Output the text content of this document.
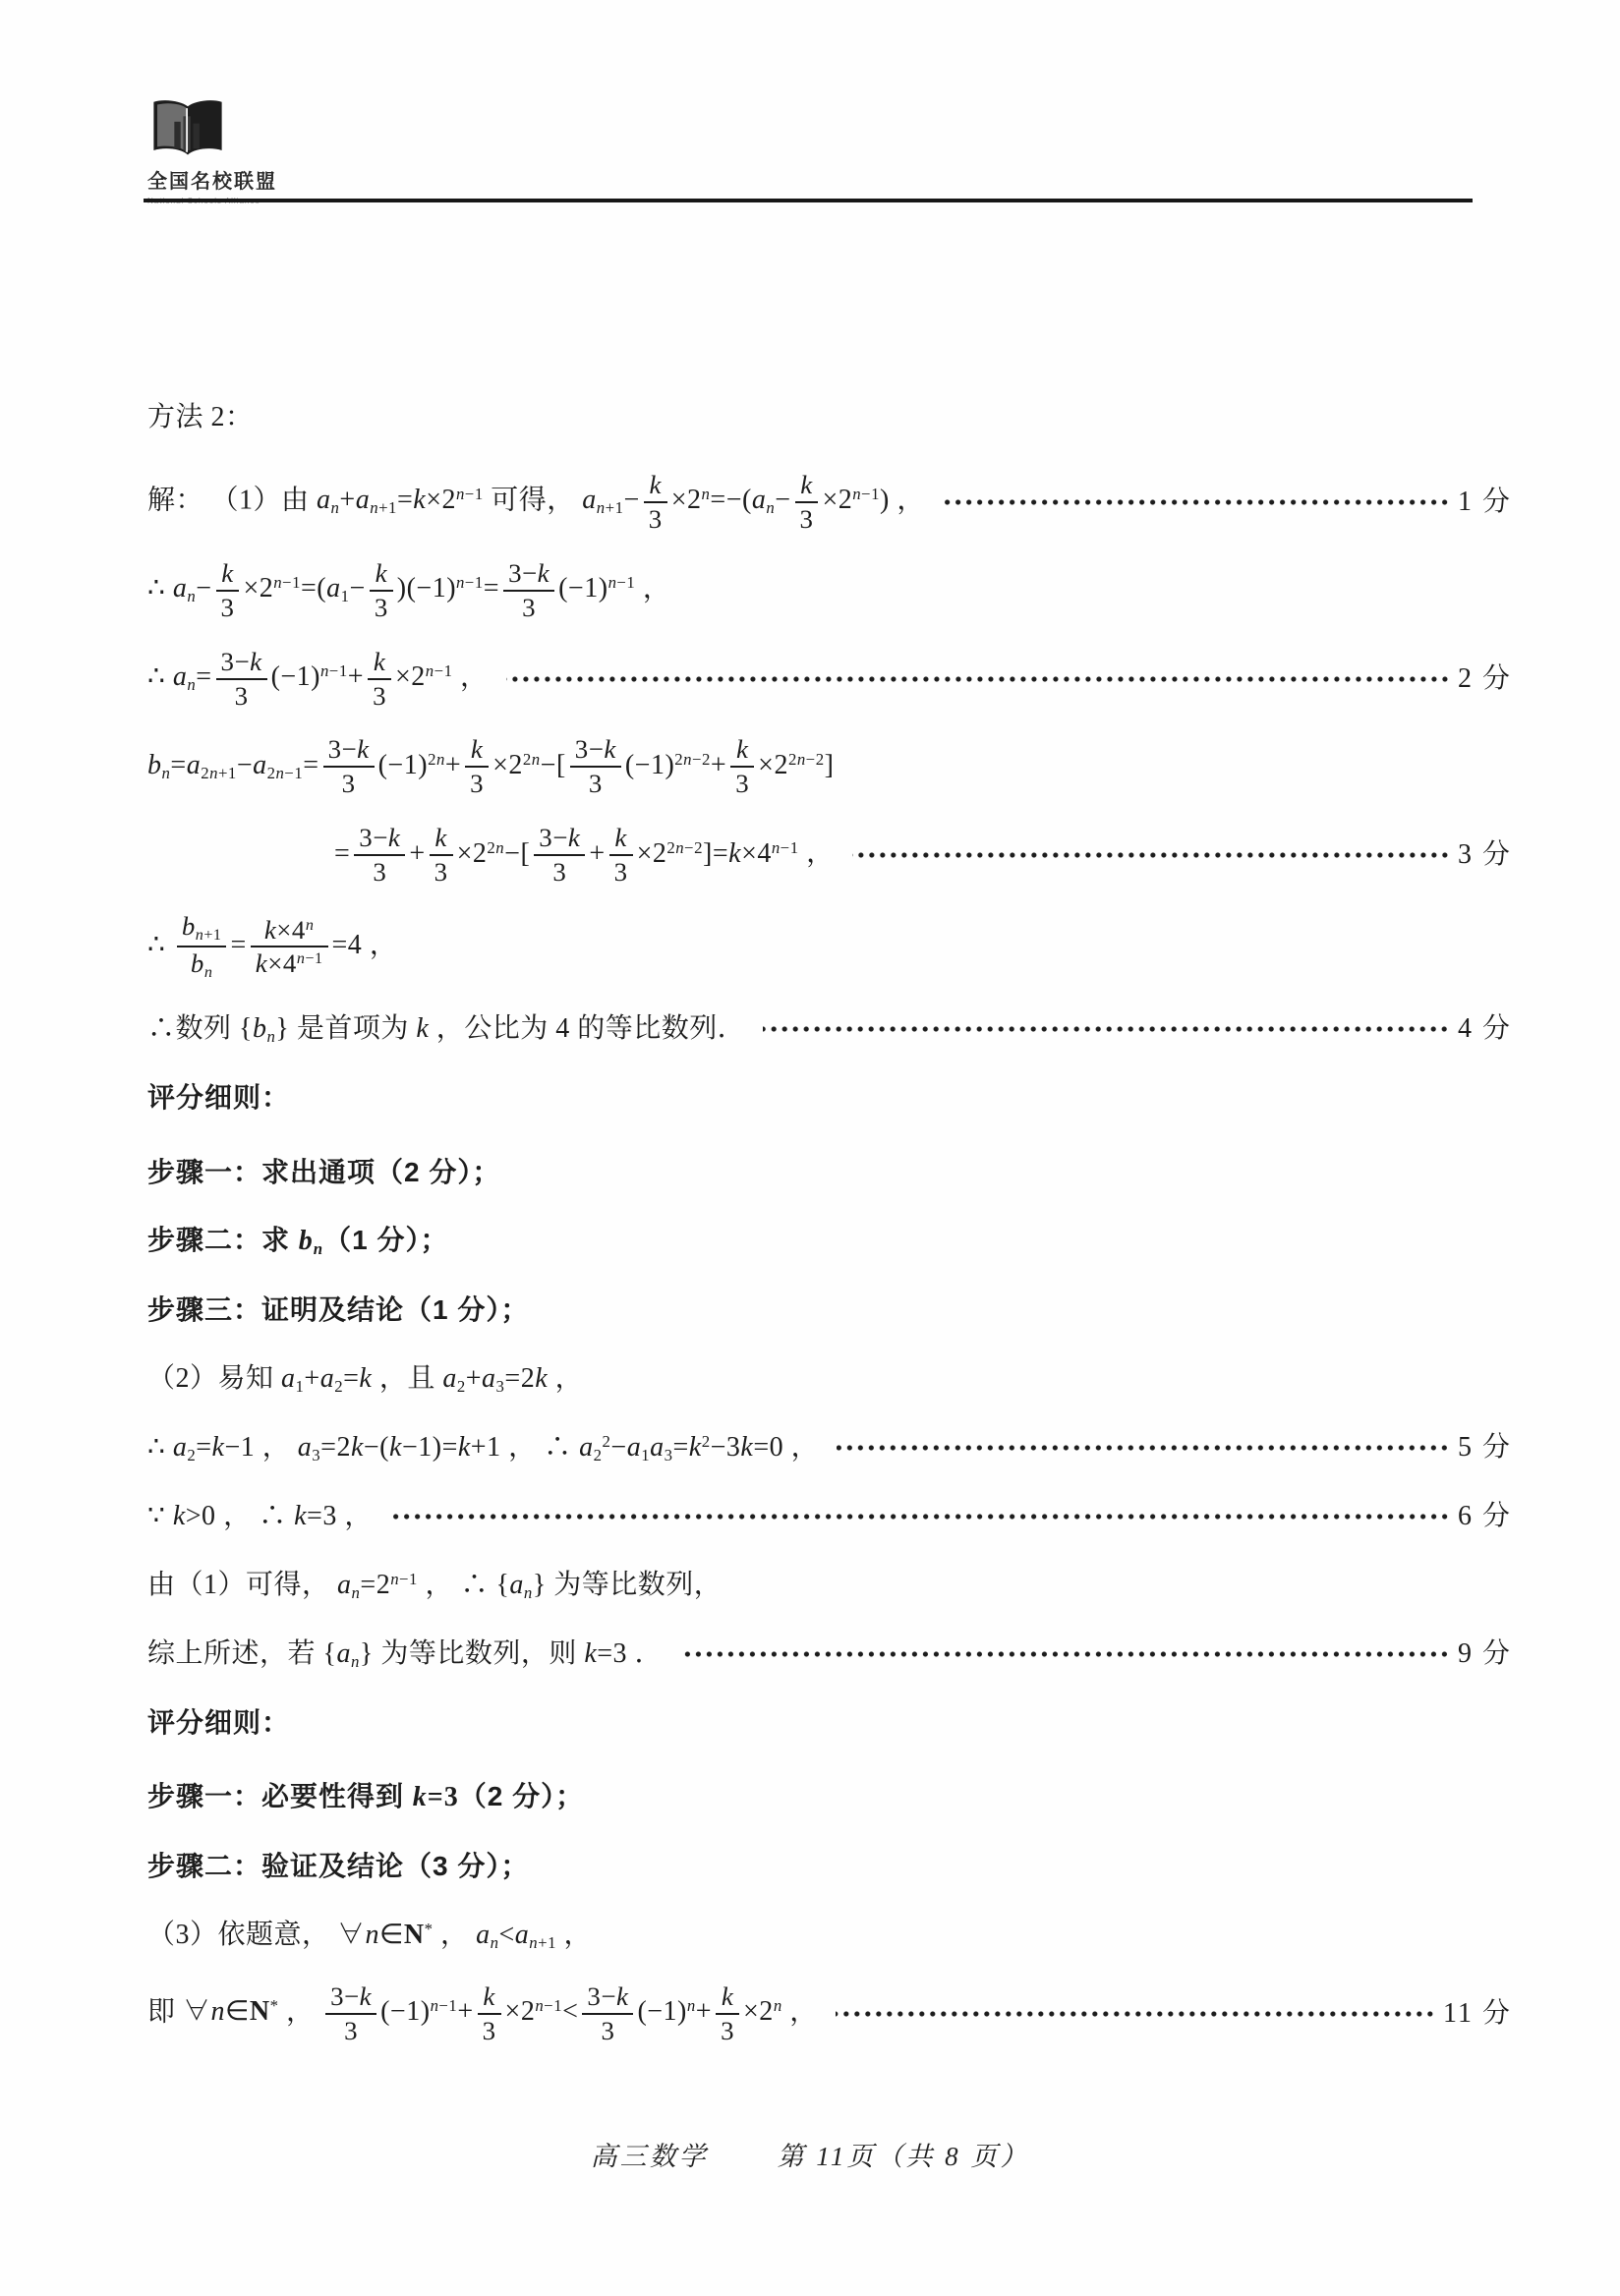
全国名校联盟
方法 2：
解： （1）由 $a_n+a_{n+1}=k\times 2^{n-1}$ 可得， $a_{n+1}- \frac{k}{3} \times 2^n=-(a_n- \frac{k}{3} \times 2^{n-1})$ ，	1 分
∴ $a_n- \frac{k}{3} \times 2^{n-1}=(a_1- \frac{k}{3} )(-1)^{n-1}= \frac{3-k}{3} (-1)^{n-1}$ ，
∴ $a_n= \frac{3-k}{3} (-1)^{n-1}+ \frac{k}{3} \times 2^{n-1}$ ，	2 分
$b_n=a_{2n+1}-a_{2n-1}= \frac{3-k}{3} (-1)^{2n}+ \frac{k}{3} \times 2^{2n}-[ \frac{3-k}{3} (-1)^{2n-2}+ \frac{k}{3} \times 2^{2n-2}]$
= $\frac{3-k}{3} + \frac{k}{3} \times 2^{2n}-[ \frac{3-k}{3} + \frac{k}{3} \times 2^{2n-2}]=k\times 4^{n-1}$ ，	3 分
∴ $\frac{b_{n+1}}{b_n} = \frac{k\times 4^n}{k\times 4^{n-1}} =4$ ，
∴数列 $\{b_n\}$ 是首项为 k ，公比为 4 的等比数列．	4 分
评分细则：
步骤一：求出通项（2 分）；
步骤二：求 $b_n(1$ 分）；
步骤三：证明及结论（1 分）；
（2）易知 $a_1+a_2=k$ ，且 $a_2+a_3=2k$ ，
∴ $a_2=k-1$ ， $a_3=2k-(k-1)=k+1$ ， ∴ $a_2^2-a_1a_3=k^2-3k=0$ ，	5 分
∵ k>0 ， ∴ k=3 ，	6 分
由（1）可得， $a_n=2^{n-1}$ ， ∴ $\{a_n\}$ 为等比数列，
综上所述，若 $\{a_n\}$ 为等比数列，则 k=3 ．	9 分
评分细则：
步骤一：必要性得到 k=3（2 分）；
步骤二：验证及结论（3 分）；
（3）依题意， ∀n∈N* ， $a_n<a_{n+1}$ ，
即 ∀n∈N* ， $\frac{3-k}{3} (-1)^{n-1}+ \frac{k}{3} \times 2^{n-1}< \frac{3-k}{3} (-1)^n+ \frac{k}{3} \times 2^n$ ，	11 分
高三数学	第 11页（共 8 页）
